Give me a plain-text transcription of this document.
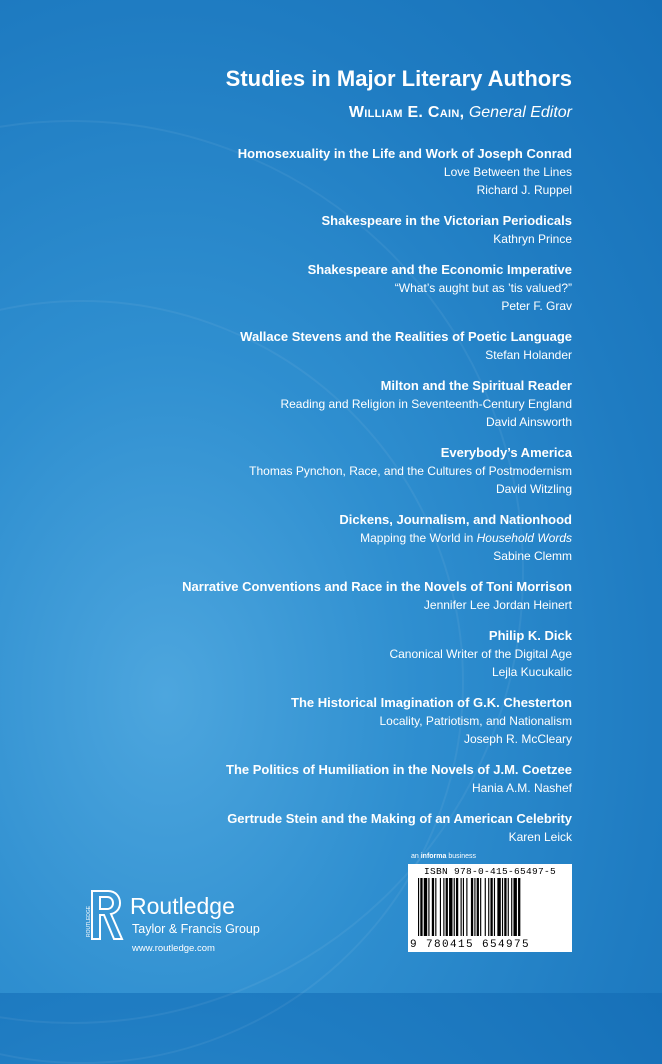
Studies in Major Literary Authors
William E. Cain, General Editor
Homosexuality in the Life and Work of Joseph Conrad
Love Between the Lines
Richard J. Ruppel
Shakespeare in the Victorian Periodicals
Kathryn Prince
Shakespeare and the Economic Imperative
“What’s aught but as ’tis valued?”
Peter F. Grav
Wallace Stevens and the Realities of Poetic Language
Stefan Holander
Milton and the Spiritual Reader
Reading and Religion in Seventeenth-Century England
David Ainsworth
Everybody’s America
Thomas Pynchon, Race, and the Cultures of Postmodernism
David Witzling
Dickens, Journalism, and Nationhood
Mapping the World in Household Words
Sabine Clemm
Narrative Conventions and Race in the Novels of Toni Morrison
Jennifer Lee Jordan Heinert
Philip K. Dick
Canonical Writer of the Digital Age
Lejla Kucukalic
The Historical Imagination of G.K. Chesterton
Locality, Patriotism, and Nationalism
Joseph R. McCleary
The Politics of Humiliation in the Novels of J.M. Coetzee
Hania A.M. Nashef
Gertrude Stein and the Making of an American Celebrity
Karen Leick
an informa business
ISBN 978-0-415-65497-5
9 780415 654975
ROUTLEDGE Routledge
Taylor & Francis Group
www.routledge.com
